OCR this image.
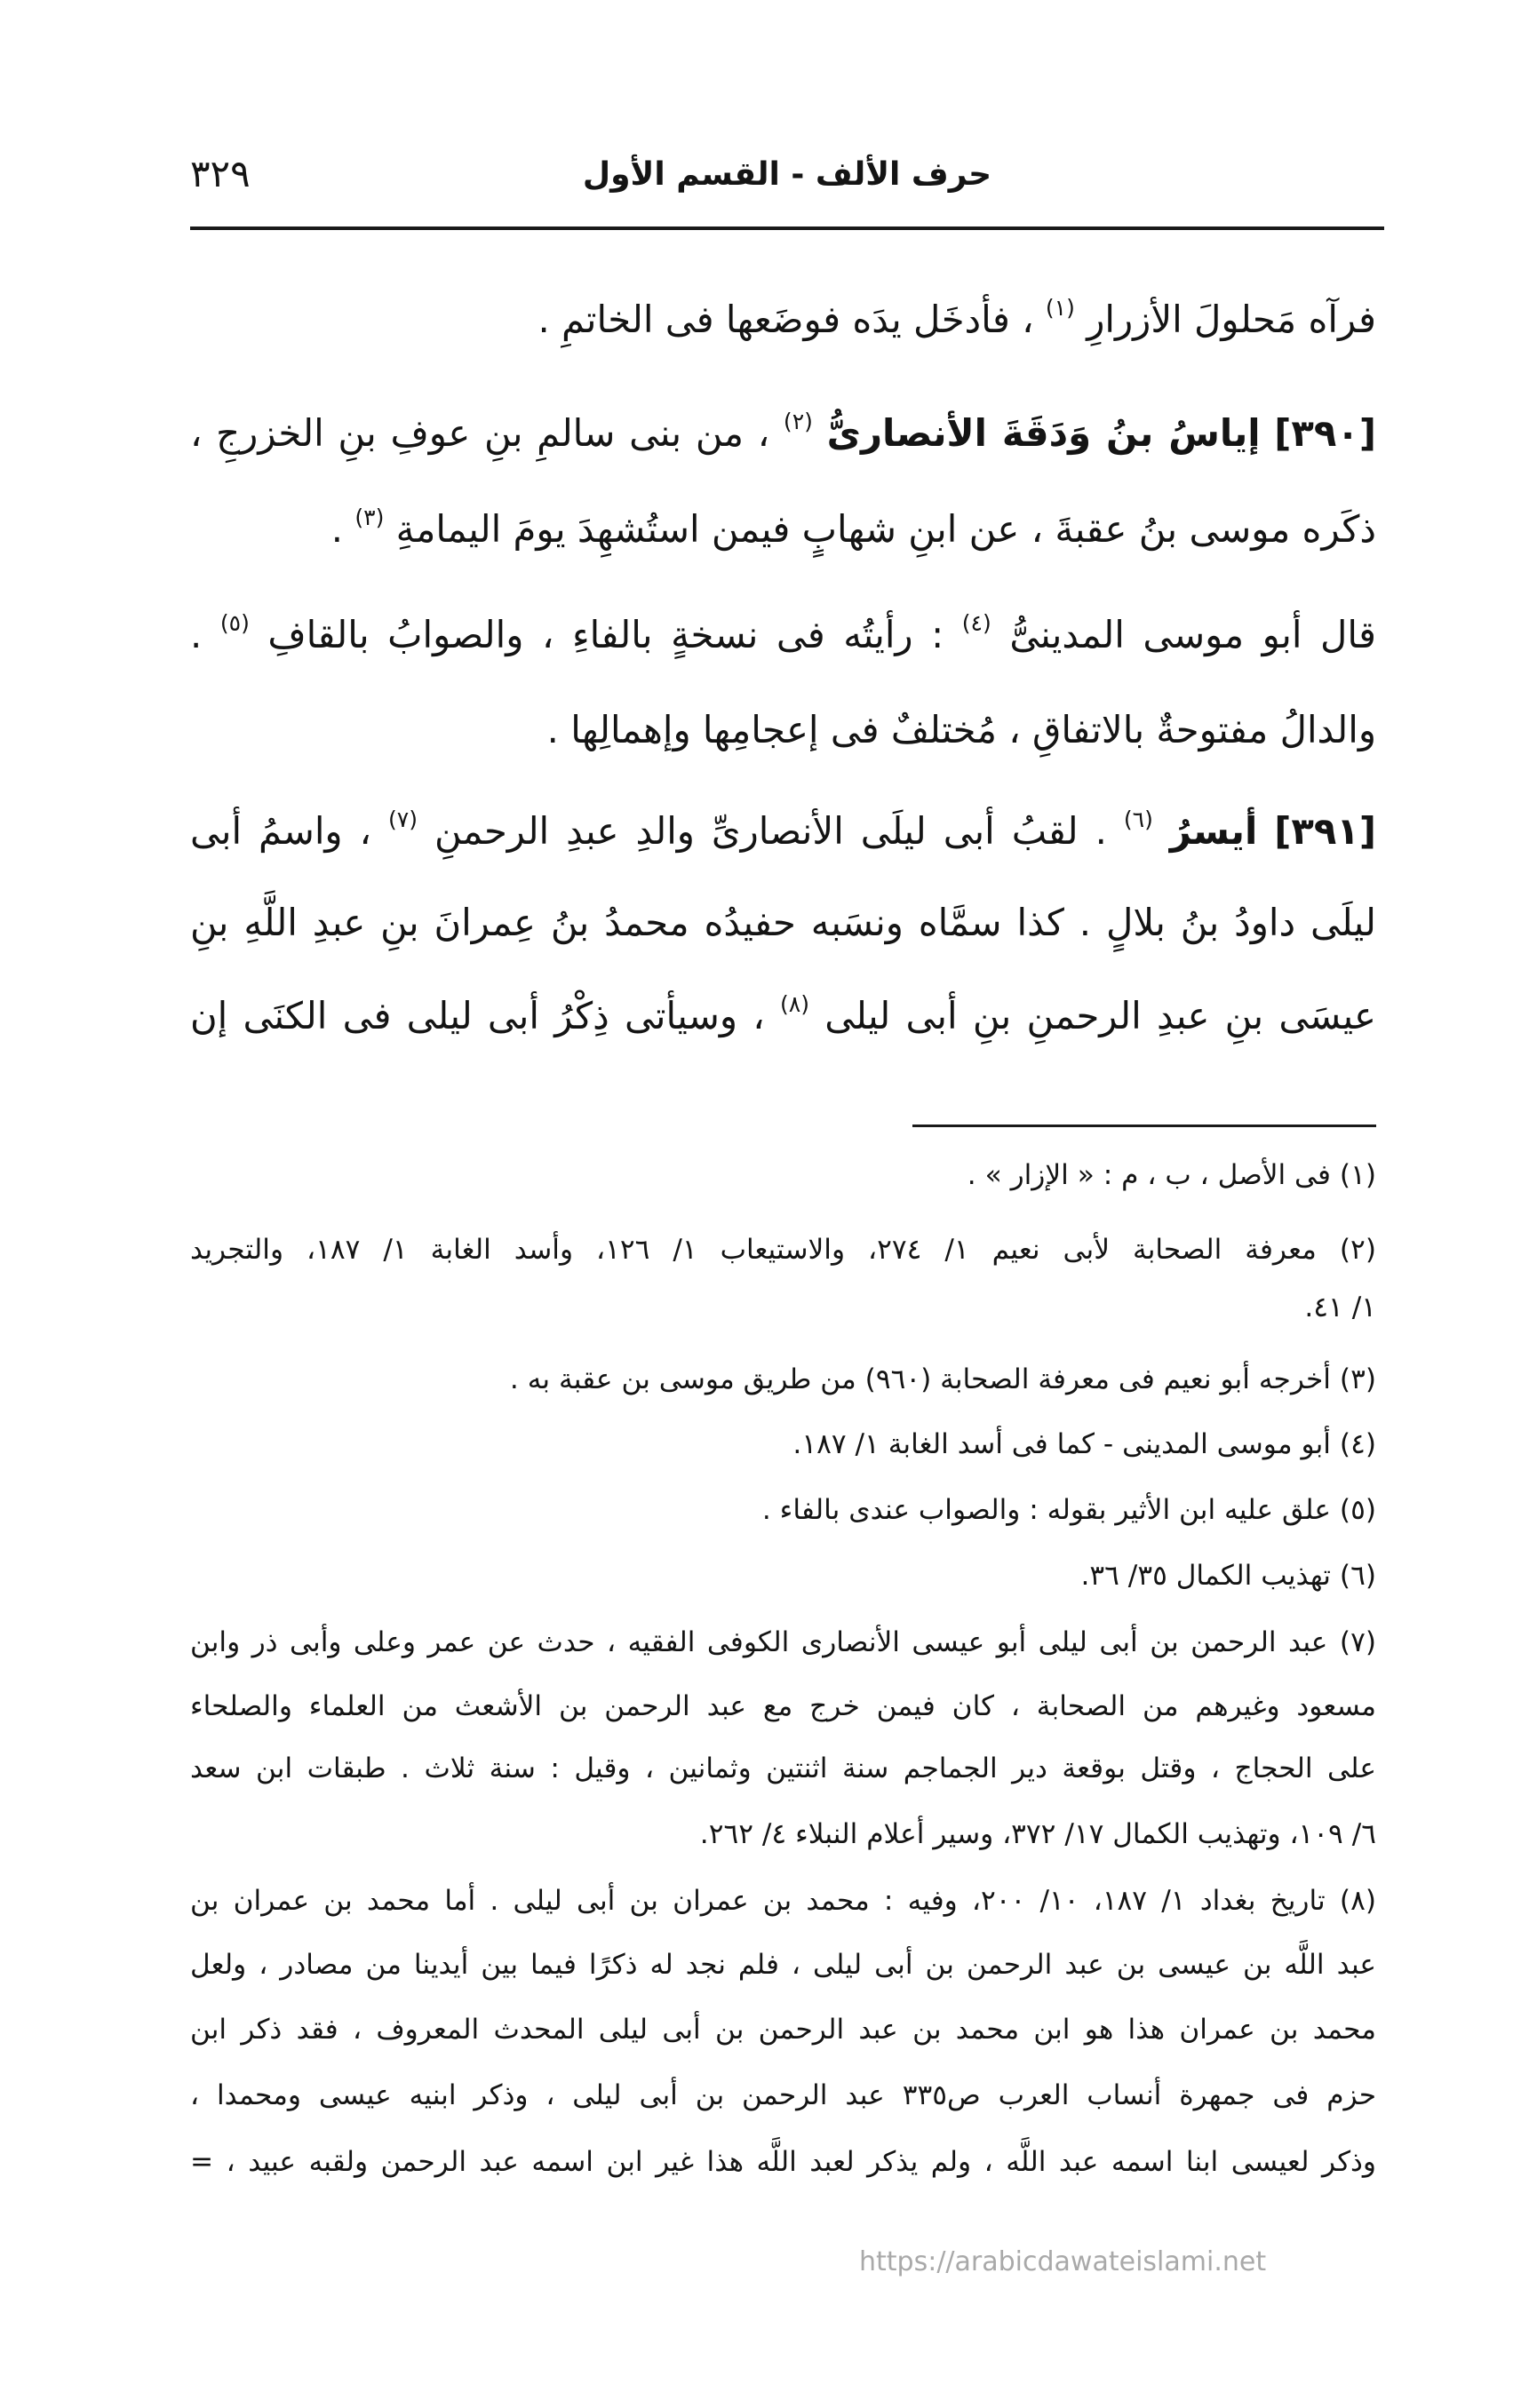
حرف الألف - القسم الأول
٣٢٩
فرآه مَحلولَ الأزرارِ $^{(١)}$ ، فأدخَل يدَه فوضَعها فى الخاتمِ .
[٣٩٠] إياسُ بنُ وَدَقَةَ الأنصارىُّ $^{(٢)}$ ، من بنى سالمِ بنِ عوفِ بنِ الخزرجِ ،
ذكَره موسى بنُ عقبةَ ، عن ابنِ شهابٍ فيمن استُشهِدَ يومَ اليمامةِ $^{(٣)}$ .
قال أبو موسى المدينىُّ $^{(٤)}$ : رأيتُه فى نسخةٍ بالفاءِ ، والصوابُ بالقافِ $^{(٥)}$ .
والدالُ مفتوحةٌ بالاتفاقِ ، مُختلفٌ فى إعجامِها وإهمالِها .
[٣٩١] أيسرُ $^{(٦)}$ . لقبُ أبى ليلَى الأنصارىِّ والدِ عبدِ الرحمنِ $^{(٧)}$ ، واسمُ أبى
ليلَى داودُ بنُ بلالٍ . كذا سمَّاه ونسَبه حفيدُه محمدُ بنُ عِمرانَ بنِ عبدِ اللَّهِ بنِ
عيسَى بنِ عبدِ الرحمنِ بنِ أبى ليلى $^{(٨)}$ ، وسيأتى ذِكْرُ أبى ليلى فى الكنَى إن
(١) فى الأصل ، ب ، م : « الإزار » .
(٢) معرفة الصحابة لأبى نعيم ١/ ٢٧٤، والاستيعاب ١/ ١٢٦، وأسد الغابة ١/ ١٨٧، والتجريد
١/ ٤١.
(٣) أخرجه أبو نعيم فى معرفة الصحابة (٩٦٠) من طريق موسى بن عقبة به .
(٤) أبو موسى المدينى - كما فى أسد الغابة ١/ ١٨٧.
(٥) علق عليه ابن الأثير بقوله : والصواب عندى بالفاء .
(٦) تهذيب الكمال ٣٥/ ٣٦.
(٧) عبد الرحمن بن أبى ليلى أبو عيسى الأنصارى الكوفى الفقيه ، حدث عن عمر وعلى وأبى ذر وابن
مسعود وغيرهم من الصحابة ، كان فيمن خرج مع عبد الرحمن بن الأشعث من العلماء والصلحاء
على الحجاج ، وقتل بوقعة دير الجماجم سنة اثنتين وثمانين ، وقيل : سنة ثلاث . طبقات ابن سعد
٦/ ١٠٩، وتهذيب الكمال ١٧/ ٣٧٢، وسير أعلام النبلاء ٤/ ٢٦٢.
(٨) تاريخ بغداد ١/ ١٨٧، ١٠/ ٢٠٠، وفيه : محمد بن عمران بن أبى ليلى . أما محمد بن عمران بن
عبد اللَّه بن عيسى بن عبد الرحمن بن أبى ليلى ، فلم نجد له ذكرًا فيما بين أيدينا من مصادر ، ولعل
محمد بن عمران هذا هو ابن محمد بن عبد الرحمن بن أبى ليلى المحدث المعروف ، فقد ذكر ابن
حزم فى جمهرة أنساب العرب ص٣٣٥ عبد الرحمن بن أبى ليلى ، وذكر ابنيه عيسى ومحمدا ،
وذكر لعيسى ابنا اسمه عبد اللَّه ، ولم يذكر لعبد اللَّه هذا غير ابن اسمه عبد الرحمن ولقبه عبيد ، =
https://arabicdawateislami.net
